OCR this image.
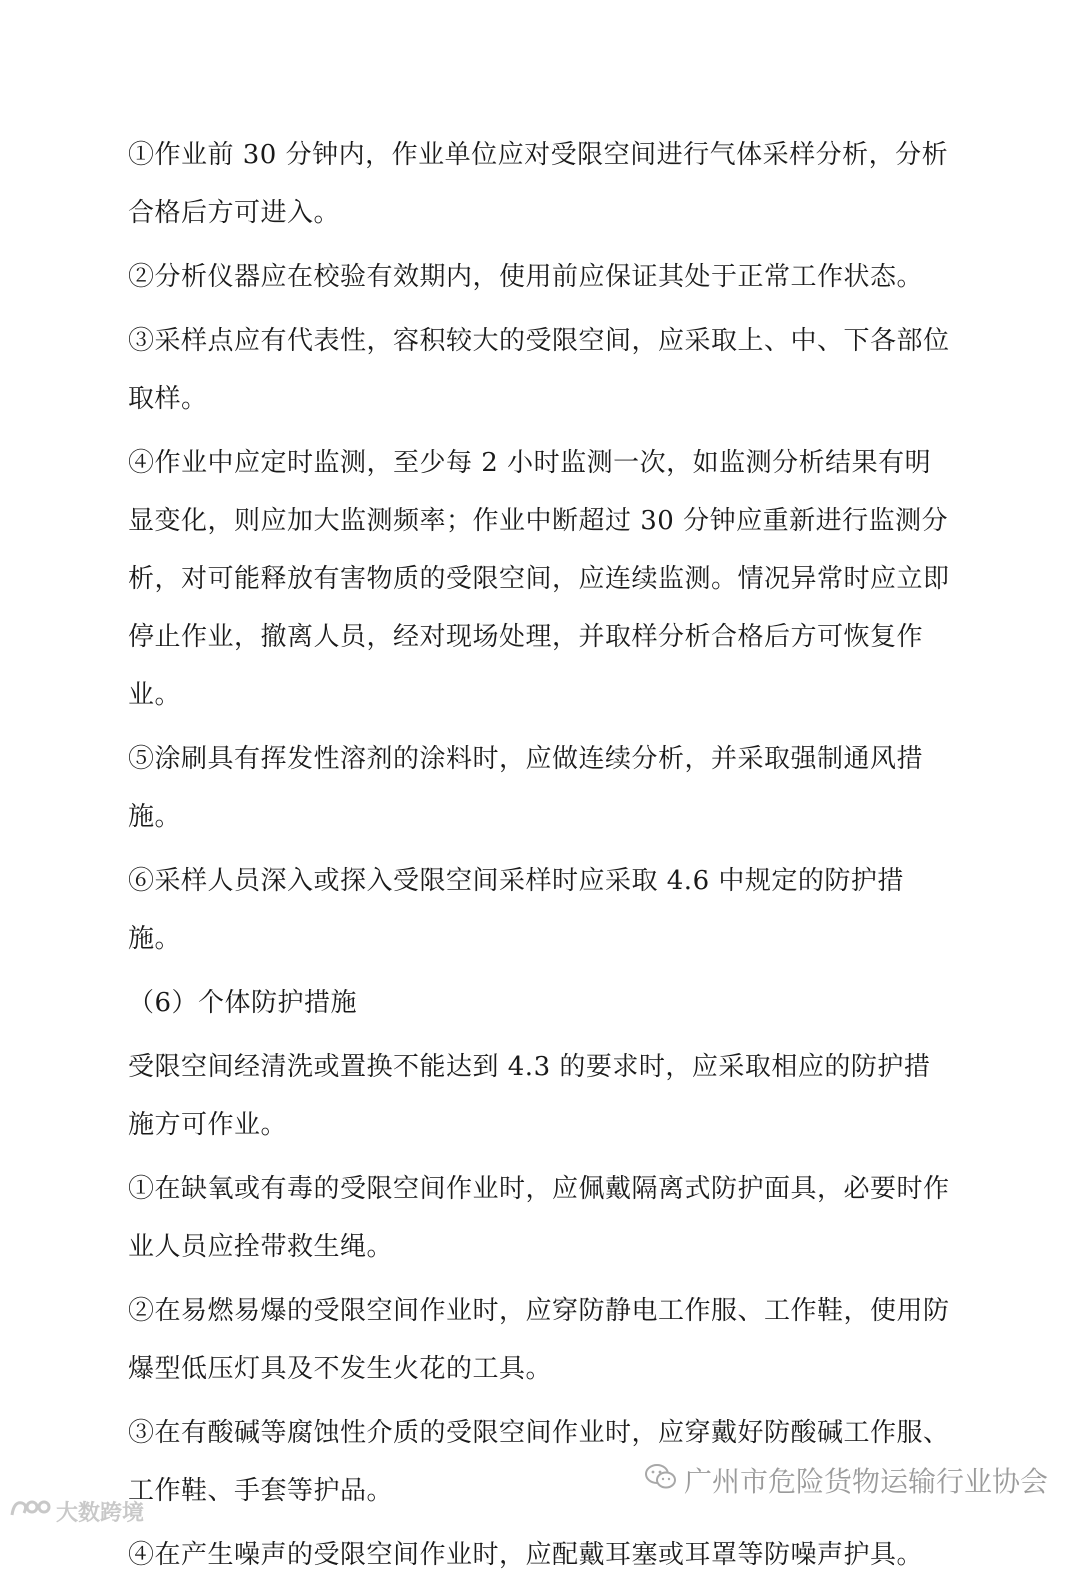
①作业前 30 分钟内，作业单位应对受限空间进行气体采样分析，分析合格后方可进入。

②分析仪器应在校验有效期内，使用前应保证其处于正常工作状态。

③采样点应有代表性，容积较大的受限空间，应采取上、中、下各部位取样。

④作业中应定时监测，至少每 2 小时监测一次，如监测分析结果有明显变化，则应加大监测频率；作业中断超过 30 分钟应重新进行监测分析，对可能释放有害物质的受限空间，应连续监测。情况异常时应立即停止作业，撤离人员，经对现场处理，并取样分析合格后方可恢复作业。

⑤涂刷具有挥发性溶剂的涂料时，应做连续分析，并采取强制通风措施。

⑥采样人员深入或探入受限空间采样时应采取 4.6 中规定的防护措施。

（6）个体防护措施

受限空间经清洗或置换不能达到 4.3 的要求时，应采取相应的防护措施方可作业。

①在缺氧或有毒的受限空间作业时，应佩戴隔离式防护面具，必要时作业人员应拴带救生绳。

②在易燃易爆的受限空间作业时，应穿防静电工作服、工作鞋，使用防爆型低压灯具及不发生火花的工具。

③在有酸碱等腐蚀性介质的受限空间作业时，应穿戴好防酸碱工作服、工作鞋、手套等护品。

④在产生噪声的受限空间作业时，应配戴耳塞或耳罩等防噪声护具。

广州市危险货物运输行业协会
大数跨境
